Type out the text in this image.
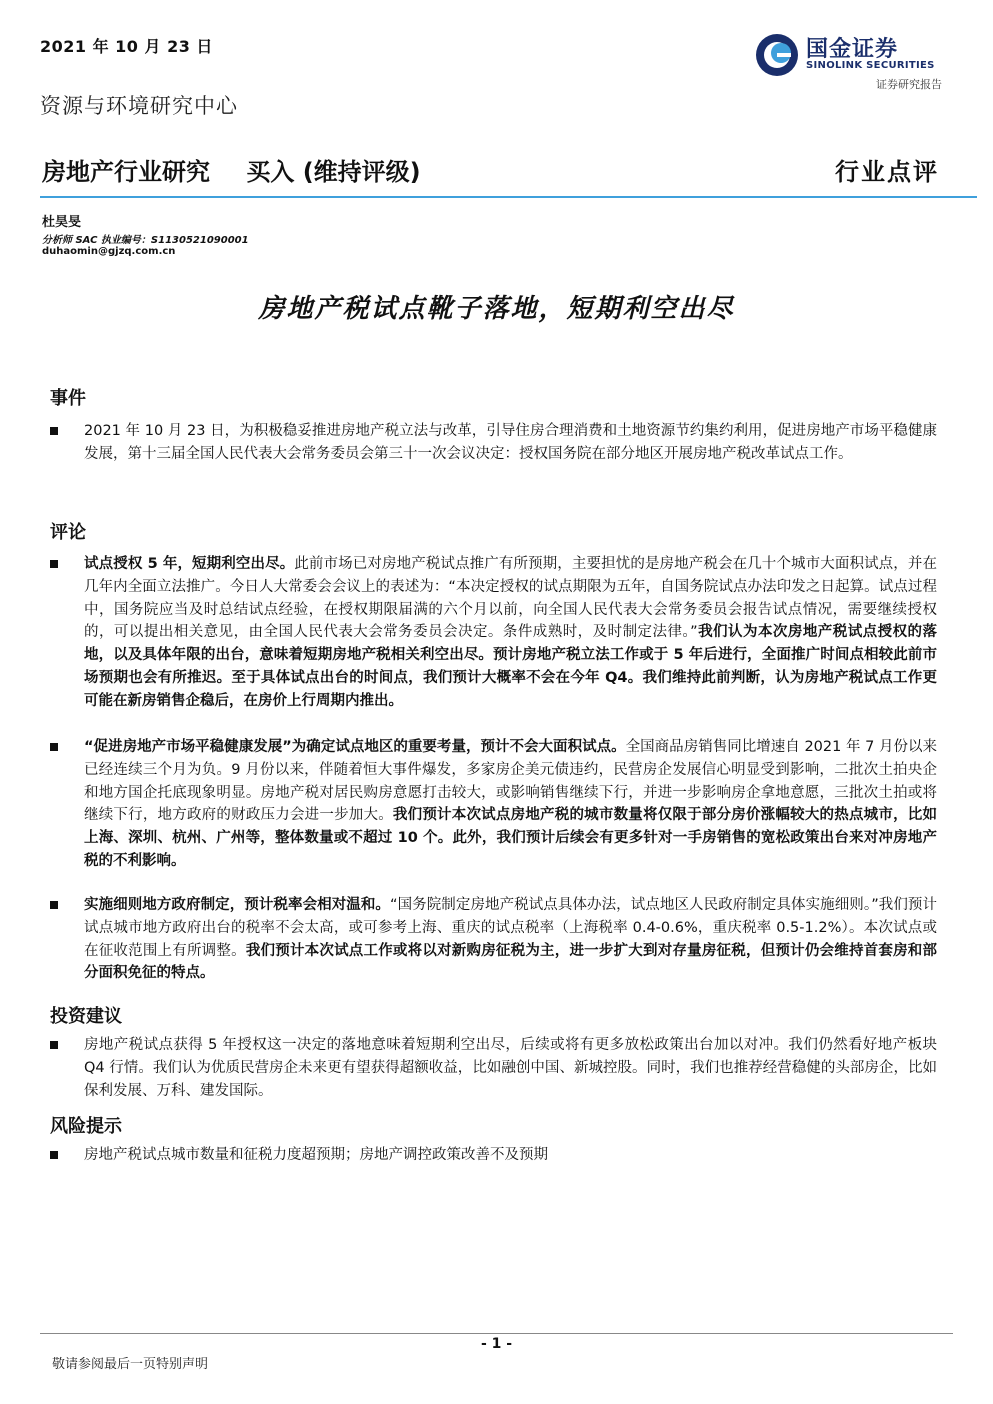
2021 年 10 月 23 日	国金证券
SINOLINK SECURITIES
证券研究报告
资源与环境研究中心
房地产行业研究 买入 (维持评级)	行业点评
杜昊旻
分析师 SAC 执业编号：S1130521090001
duhaomin@gjzq.com.cn
房地产税试点靴子落地，短期利空出尽
事件
2021 年 10 月 23 日，为积极稳妥推进房地产税立法与改革，引导住房合理消费和土地资源节约集约利用，促进房地产市场平稳健康发展，第十三届全国人民代表大会常务委员会第三十一次会议决定：授权国务院在部分地区开展房地产税改革试点工作。
评论
试点授权 5 年，短期利空出尽。此前市场已对房地产税试点推广有所预期，主要担忧的是房地产税会在几十个城市大面积试点，并在几年内全面立法推广。今日人大常委会会议上的表述为：“本决定授权的试点期限为五年，自国务院试点办法印发之日起算。试点过程中，国务院应当及时总结试点经验，在授权期限届满的六个月以前，向全国人民代表大会常务委员会报告试点情况，需要继续授权的，可以提出相关意见，由全国人民代表大会常务委员会决定。条件成熟时，及时制定法律。”我们认为本次房地产税试点授权的落地，以及具体年限的出台，意味着短期房地产税相关利空出尽。预计房地产税立法工作或于 5 年后进行，全面推广时间点相较此前市场预期也会有所推迟。至于具体试点出台的时间点，我们预计大概率不会在今年 Q4。我们维持此前判断，认为房地产税试点工作更可能在新房销售企稳后，在房价上行周期内推出。
“促进房地产市场平稳健康发展”为确定试点地区的重要考量，预计不会大面积试点。全国商品房销售同比增速自 2021 年 7 月份以来已经连续三个月为负。9 月份以来，伴随着恒大事件爆发，多家房企美元债违约，民营房企发展信心明显受到影响，二批次土拍央企和地方国企托底现象明显。房地产税对居民购房意愿打击较大，或影响销售继续下行，并进一步影响房企拿地意愿，三批次土拍或将继续下行，地方政府的财政压力会进一步加大。我们预计本次试点房地产税的城市数量将仅限于部分房价涨幅较大的热点城市，比如上海、深圳、杭州、广州等，整体数量或不超过 10 个。此外，我们预计后续会有更多针对一手房销售的宽松政策出台来对冲房地产税的不利影响。
实施细则地方政府制定，预计税率会相对温和。“国务院制定房地产税试点具体办法，试点地区人民政府制定具体实施细则。”我们预计试点城市地方政府出台的税率不会太高，或可参考上海、重庆的试点税率（上海税率 0.4-0.6%，重庆税率 0.5-1.2%）。本次试点或在征收范围上有所调整。我们预计本次试点工作或将以对新购房征税为主，进一步扩大到对存量房征税，但预计仍会维持首套房和部分面积免征的特点。
投资建议
房地产税试点获得 5 年授权这一决定的落地意味着短期利空出尽，后续或将有更多放松政策出台加以对冲。我们仍然看好地产板块 Q4 行情。我们认为优质民营房企未来更有望获得超额收益，比如融创中国、新城控股。同时，我们也推荐经营稳健的头部房企，比如保利发展、万科、建发国际。
风险提示
房地产税试点城市数量和征税力度超预期；房地产调控政策改善不及预期
- 1 -
敬请参阅最后一页特别声明
